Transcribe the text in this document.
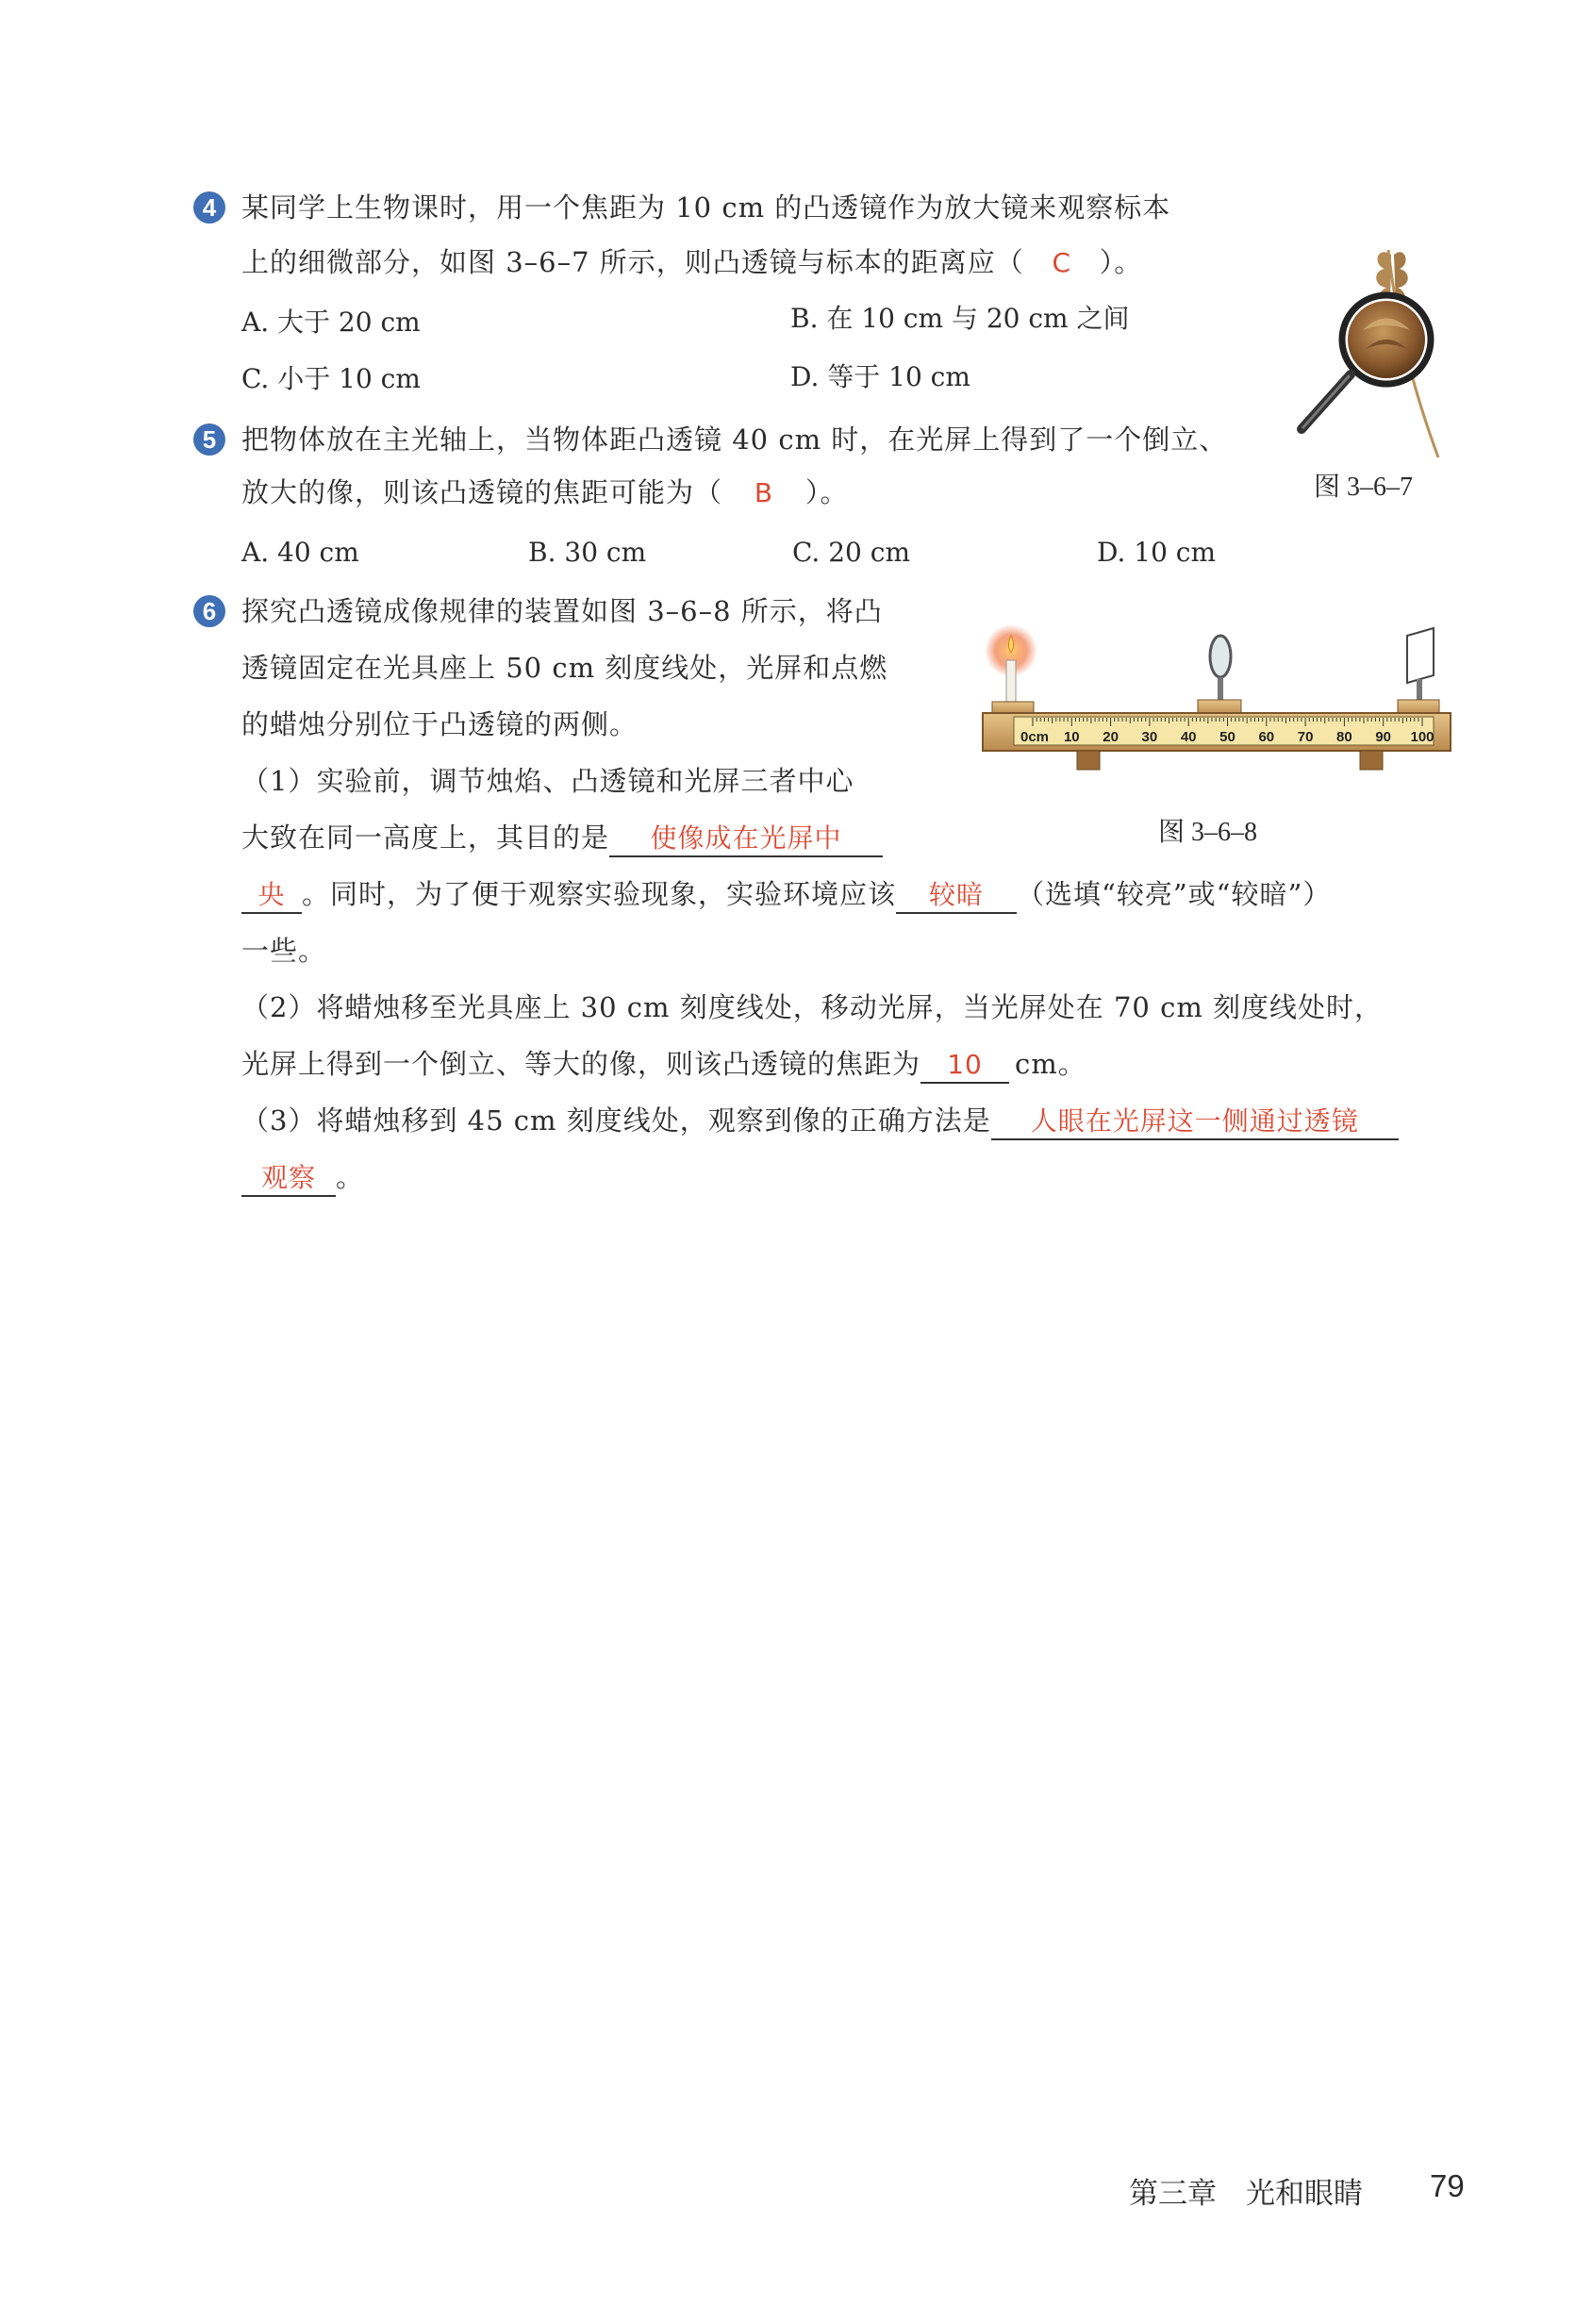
4 某同学上生物课时，用一个焦距为 10 cm 的凸透镜作为放大镜来观察标本
上的细微部分，如图 3–6–7 所示，则凸透镜与标本的距离应（ C ）。
A. 大于 20 cm	B. 在 10 cm 与 20 cm 之间
C. 小于 10 cm	D. 等于 10 cm
图 3–6–7
5 把物体放在主光轴上，当物体距凸透镜 40 cm 时，在光屏上得到了一个倒立、
放大的像，则该凸透镜的焦距可能为（ B ）。
A. 40 cm	B. 30 cm	C. 20 cm	D. 10 cm
6 探究凸透镜成像规律的装置如图 3–6–8 所示，将凸
透镜固定在光具座上 50 cm 刻度线处，光屏和点燃
的蜡烛分别位于凸透镜的两侧。
（1）实验前，调节烛焰、凸透镜和光屏三者中心
大致在同一高度上，其目的是 使像成在光屏中
央 。同时，为了便于观察实验现象，实验环境应该 较暗 （选填“较亮”或“较暗”）
一些。
（2）将蜡烛移至光具座上 30 cm 刻度线处，移动光屏，当光屏处在 70 cm 刻度线处时，
光屏上得到一个倒立、等大的像，则该凸透镜的焦距为 10 cm。
（3）将蜡烛移到 45 cm 刻度线处，观察到像的正确方法是 人眼在光屏这一侧通过透镜
观察 。
0cm 10 20 30 40 50 60 70 80 90 100
图 3–6–8
第三章　光和眼睛 79
